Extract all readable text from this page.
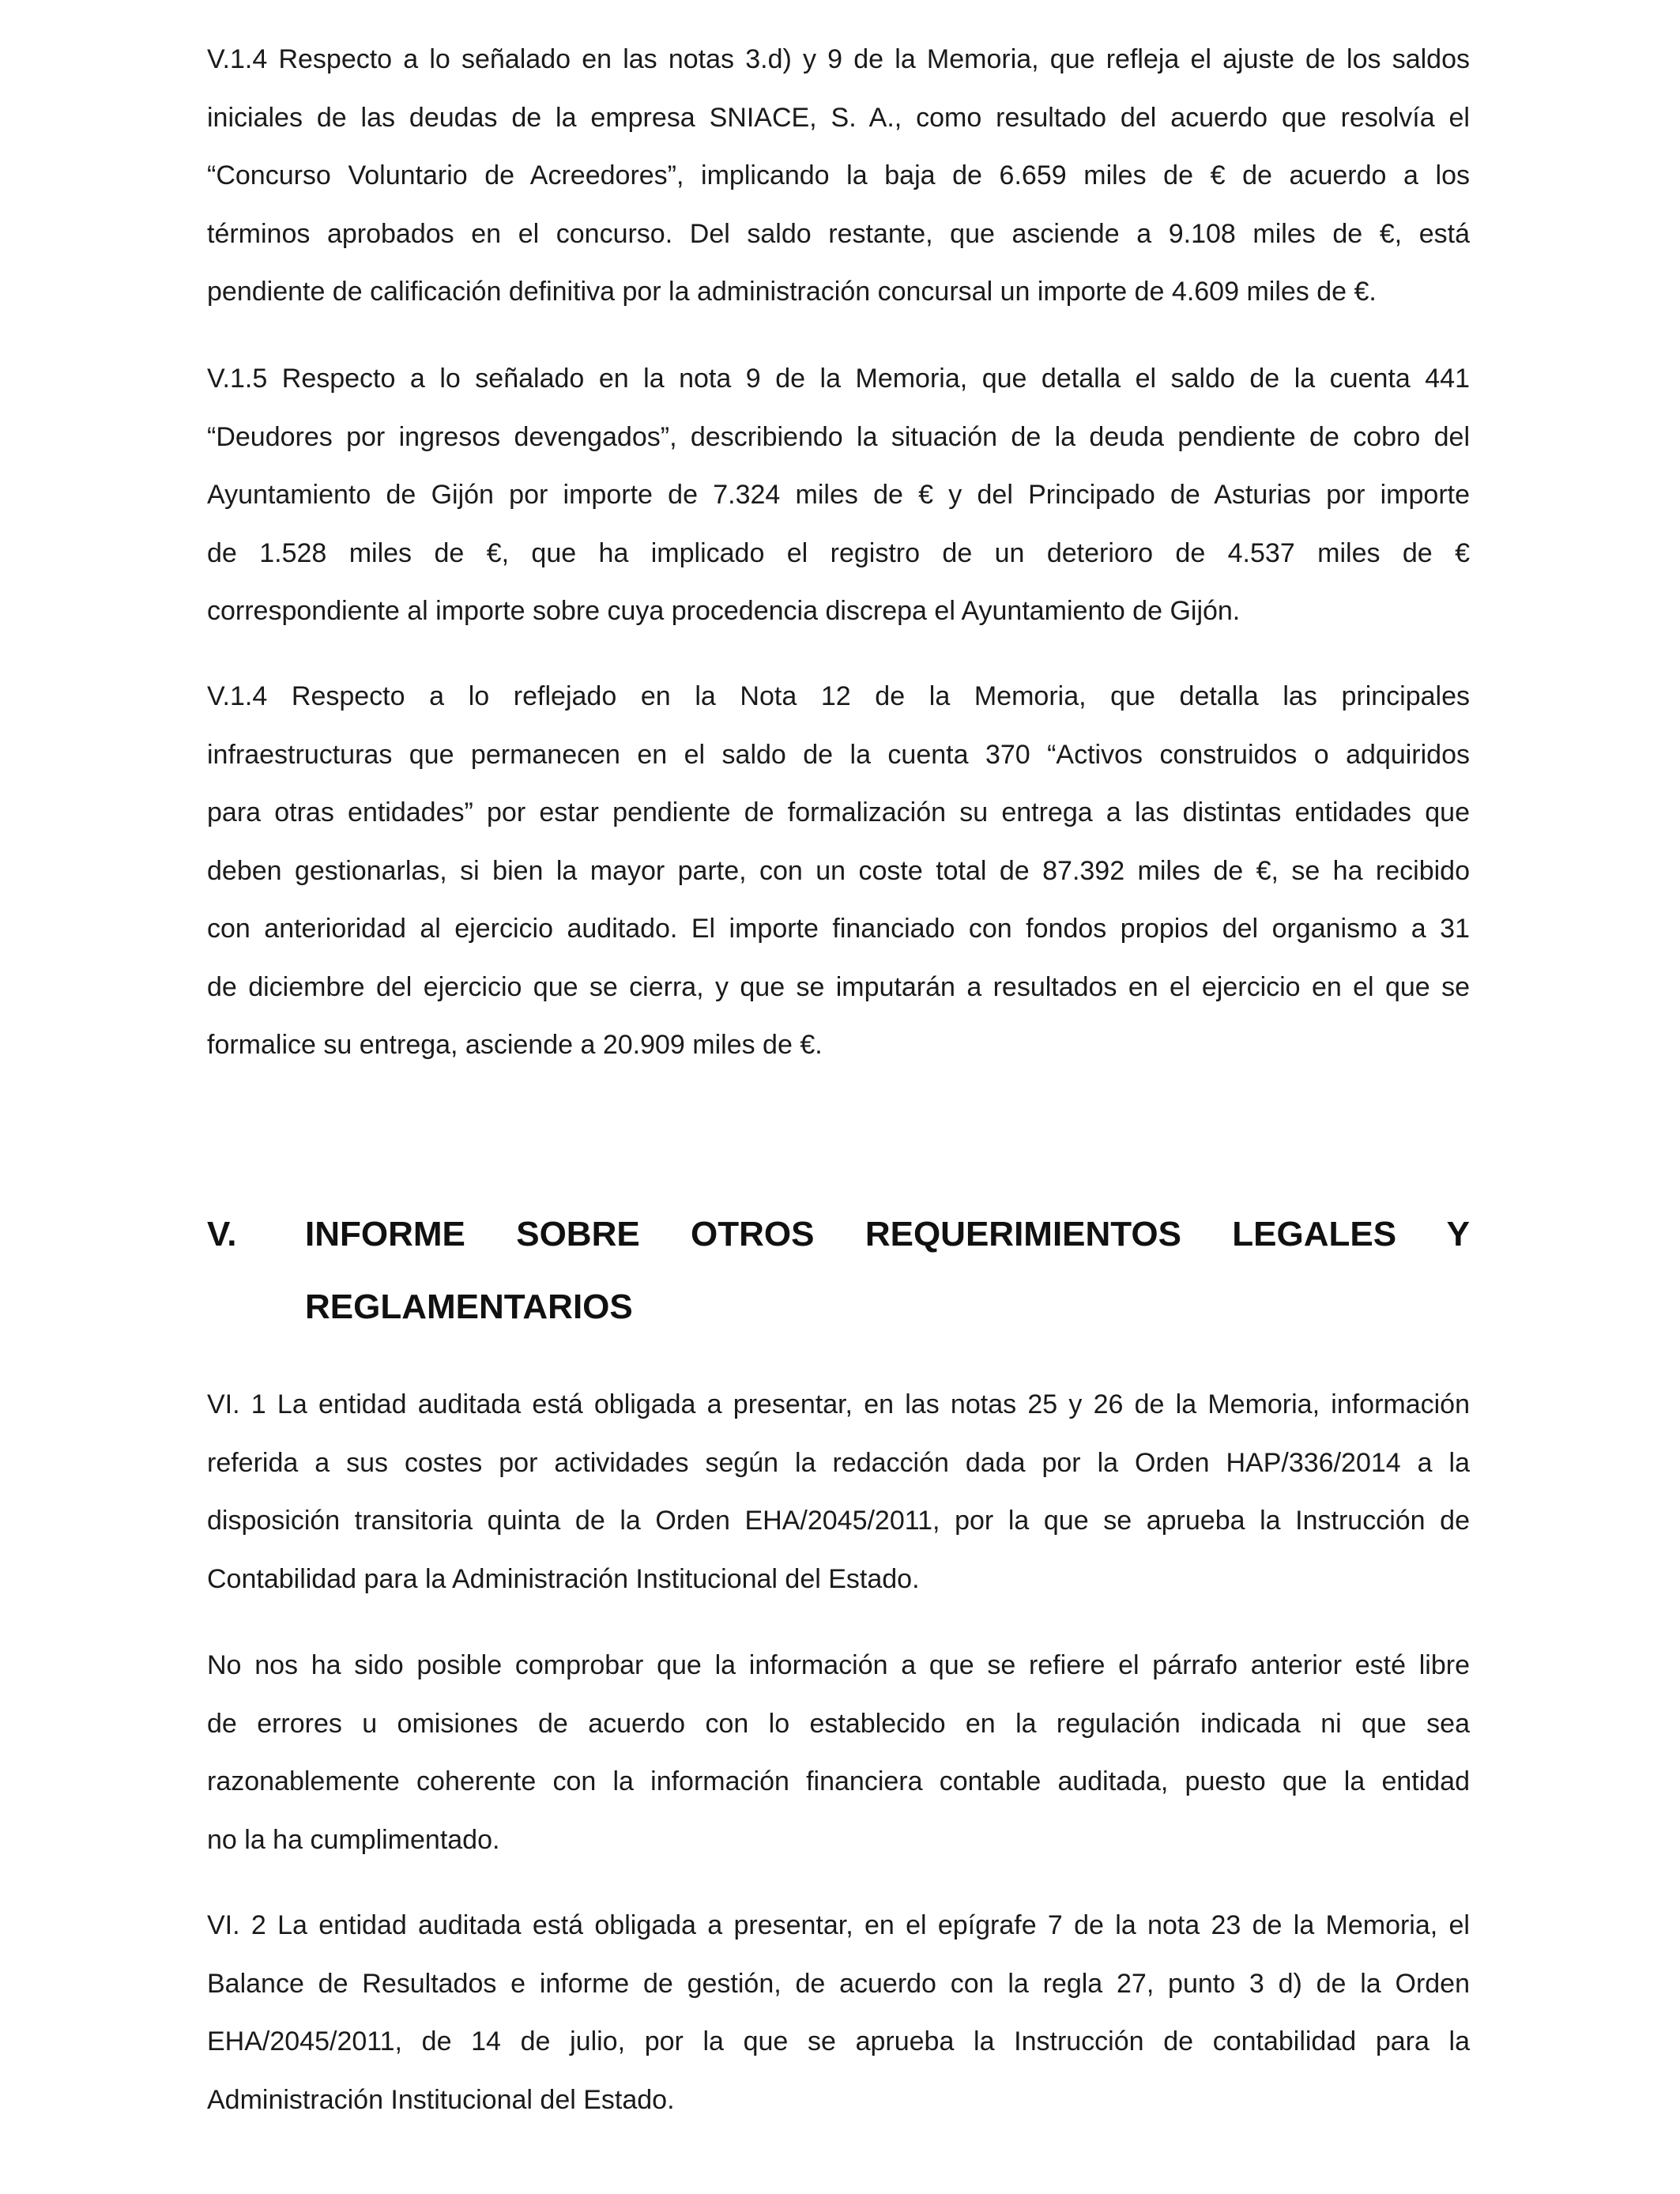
V.1.4 Respecto a lo señalado en las notas 3.d) y 9 de la Memoria, que refleja el ajuste de los saldos
iniciales de las deudas de la empresa SNIACE, S. A., como resultado del acuerdo que resolvía el
“Concurso Voluntario de Acreedores”, implicando la baja de 6.659 miles de € de acuerdo a los
términos aprobados en el concurso. Del saldo restante, que asciende a 9.108 miles de €, está
pendiente de calificación definitiva por la administración concursal un importe de 4.609 miles de €.

V.1.5 Respecto a lo señalado en la nota 9 de la Memoria, que detalla el saldo de la cuenta 441
“Deudores por ingresos devengados”, describiendo la situación de la deuda pendiente de cobro del
Ayuntamiento de Gijón por importe de 7.324 miles de € y del Principado de Asturias por importe
de 1.528 miles de €, que ha implicado el registro de un deterioro de 4.537 miles de €
correspondiente al importe sobre cuya procedencia discrepa el Ayuntamiento de Gijón.

V.1.4 Respecto a lo reflejado en la Nota 12 de la Memoria, que detalla las principales
infraestructuras que permanecen en el saldo de la cuenta 370 “Activos construidos o adquiridos
para otras entidades” por estar pendiente de formalización su entrega a las distintas entidades que
deben gestionarlas, si bien la mayor parte, con un coste total de 87.392 miles de €, se ha recibido
con anterioridad al ejercicio auditado. El importe financiado con fondos propios del organismo a 31
de diciembre del ejercicio que se cierra, y que se imputarán a resultados en el ejercicio en el que se
formalice su entrega, asciende a 20.909 miles de €.

V. INFORME SOBRE OTROS REQUERIMIENTOS LEGALES Y
REGLAMENTARIOS

VI. 1 La entidad auditada está obligada a presentar, en las notas 25 y 26 de la Memoria, información
referida a sus costes por actividades según la redacción dada por la Orden HAP/336/2014 a la
disposición transitoria quinta de la Orden EHA/2045/2011, por la que se aprueba la Instrucción de
Contabilidad para la Administración Institucional del Estado.

No nos ha sido posible comprobar que la información a que se refiere el párrafo anterior esté libre
de errores u omisiones de acuerdo con lo establecido en la regulación indicada ni que sea
razonablemente coherente con la información financiera contable auditada, puesto que la entidad
no la ha cumplimentado.

VI. 2 La entidad auditada está obligada a presentar, en el epígrafe 7 de la nota 23 de la Memoria, el
Balance de Resultados e informe de gestión, de acuerdo con la regla 27, punto 3 d) de la Orden
EHA/2045/2011, de 14 de julio, por la que se aprueba la Instrucción de contabilidad para la
Administración Institucional del Estado.
